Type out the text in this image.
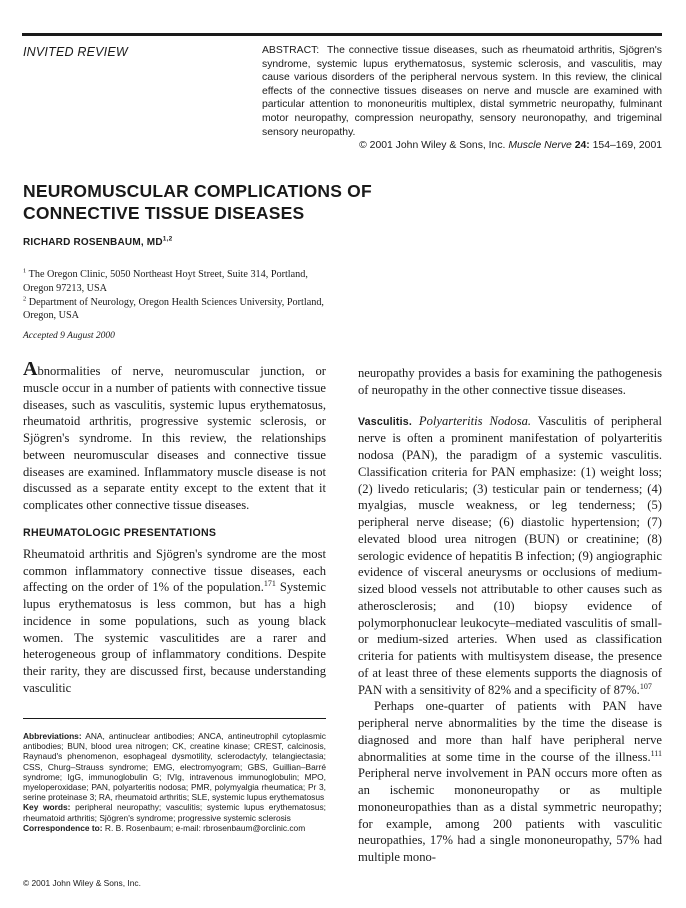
INVITED REVIEW	ABSTRACT: The connective tissue diseases, such as rheumatoid arthritis, Sjögren's syndrome, systemic lupus erythematosus, systemic sclerosis, and vasculitis, may cause various disorders of the peripheral nervous system. In this review, the clinical effects of the connective tissues diseases on nerve and muscle are examined with particular attention to mononeuritis multiplex, distal symmetric neuropathy, fulminant motor neuropathy, compression neuropathy, sensory neuronopathy, and trigeminal sensory neuropathy.
© 2001 John Wiley & Sons, Inc. Muscle Nerve 24: 154–169, 2001
NEUROMUSCULAR COMPLICATIONS OF
CONNECTIVE TISSUE DISEASES
RICHARD ROSENBAUM, MD$^{1,2}$
$^1$ The Oregon Clinic, 5050 Northeast Hoyt Street, Suite 314, Portland, Oregon 97213, USA
$^2$ Department of Neurology, Oregon Health Sciences University, Portland, Oregon, USA
Accepted 9 August 2000

Abnormalities of nerve, neuromuscular junction, or muscle occur in a number of patients with connective tissue diseases, such as vasculitis, systemic lupus erythematosus, rheumatoid arthritis, progressive systemic sclerosis, or Sjögren's syndrome. In this review, the relationships between neuromuscular diseases and connective tissue diseases are examined. Inflammatory muscle disease is not discussed as a separate entity except to the extent that it complicates other connective tissue diseases.

RHEUMATOLOGIC PRESENTATIONS

Rheumatoid arthritis and Sjögren's syndrome are the most common inflammatory connective tissue diseases, each affecting on the order of 1% of the population.$^{171}$ Systemic lupus erythematosus is less common, but has a high incidence in some populations, such as young black women. The systemic vasculitides are a rarer and heterogeneous group of inflammatory conditions. Despite their rarity, they are discussed first, because understanding vasculitic

Abbreviations: ANA, antinuclear antibodies; ANCA, antineutrophil cytoplasmic antibodies; BUN, blood urea nitrogen; CK, creatine kinase; CREST, calcinosis, Raynaud's phenomenon, esophageal dysmotility, sclerodactyly, telangiectasia; CSS, Churg–Strauss syndrome; EMG, electromyogram; GBS, Guillian–Barré syndrome; IgG, immunoglobulin G; IVIg, intravenous immunoglobulin; MPO, myeloperoxidase; PAN, polyarteritis nodosa; PMR, polymyalgia rheumatica; Pr 3, serine proteinase 3; RA, rheumatoid arthritis; SLE, systemic lupus erythematosus
Key words: peripheral neuropathy; vasculitis; systemic lupus erythematosus; rheumatoid arthritis; Sjögren's syndrome; progressive systemic sclerosis
Correspondence to: R. B. Rosenbaum; e-mail: rbrosenbaum@orclinic.com
© 2001 John Wiley & Sons, Inc.

neuropathy provides a basis for examining the pathogenesis of neuropathy in the other connective tissue diseases.

Vasculitis. Polyarteritis Nodosa. Vasculitis of peripheral nerve is often a prominent manifestation of polyarteritis nodosa (PAN), the paradigm of a systemic vasculitis. Classification criteria for PAN emphasize: (1) weight loss; (2) livedo reticularis; (3) testicular pain or tenderness; (4) myalgias, muscle weakness, or leg tenderness; (5) peripheral nerve disease; (6) diastolic hypertension; (7) elevated blood urea nitrogen (BUN) or creatinine; (8) serologic evidence of hepatitis B infection; (9) angiographic evidence of visceral aneurysms or occlusions of medium-sized blood vessels not attributable to other causes such as atherosclerosis; and (10) biopsy evidence of polymorphonuclear leukocyte–mediated vasculitis of small- or medium-sized arteries. When used as classification criteria for patients with multisystem disease, the presence of at least three of these elements supports the diagnosis of PAN with a sensitivity of 82% and a specificity of 87%.$^{107}$

Perhaps one-quarter of patients with PAN have peripheral nerve abnormalities by the time the disease is diagnosed and more than half have peripheral nerve abnormalities at some time in the course of the illness.$^{111}$ Peripheral nerve involvement in PAN occurs more often as an ischemic mononeuropathy or as multiple mononeuropathies than as a distal symmetric neuropathy; for example, among 200 patients with vasculitic neuropathies, 17% had a single mononeuropathy, 57% had multiple mono-
